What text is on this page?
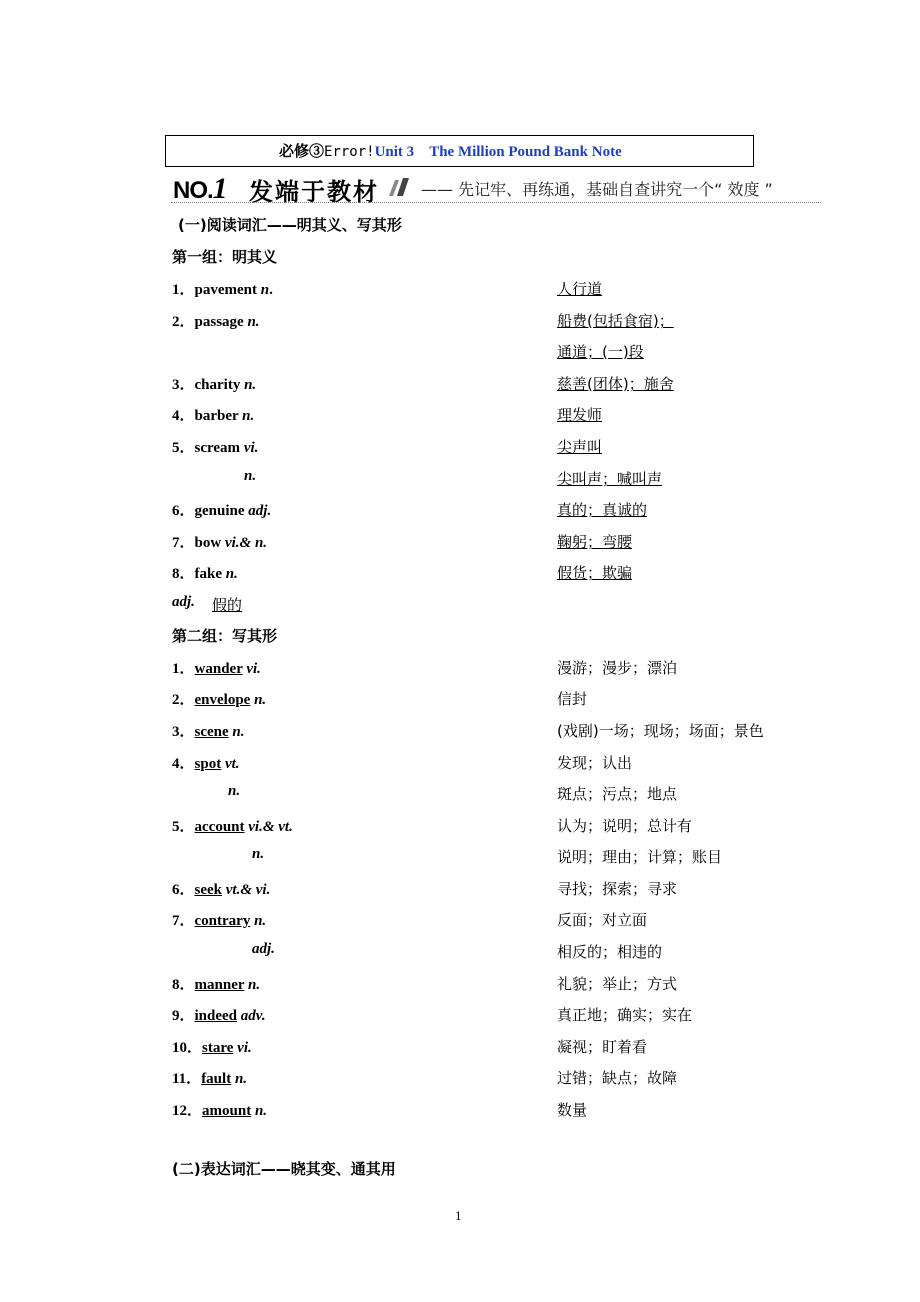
必修③Error!Unit 3 The Million Pound Bank Note
NO.1 发端于教材	—— 先记牢、再练通，基础自查讲究一个“ 效度 ”
(一)阅读词汇——明其义、写其形
第一组：明其义
1．pavement n.	人行道
2．passage n.	船费(包括食宿)；
通道；(一)段
3．charity n.	慈善(团体)；施舍
4．barber n.	理发师
5．scream vi.	尖声叫
n.	尖叫声；喊叫声
6．genuine adj.	真的；真诚的
7．bow vi.& n.	鞠躬；弯腰
8．fake n.	假货；欺骗
adj. 假的
第二组：写其形
1．wander vi.	漫游；漫步；漂泊
2．envelope n.	信封
3．scene n.	(戏剧)一场；现场；场面；景色
4．spot vt.	发现；认出
n.	斑点；污点；地点
5．account vi.& vt.	认为；说明；总计有
n.	说明；理由；计算；账目
6．seek vt.& vi.	寻找；探索；寻求
7．contrary n.	反面；对立面
adj.	相反的；相违的
8．manner n.	礼貌；举止；方式
9．indeed adv.	真正地；确实；实在
10．stare vi.	凝视；盯着看
11．fault n.	过错；缺点；故障
12．amount n.	数量
(二)表达词汇——晓其变、通其用
1
